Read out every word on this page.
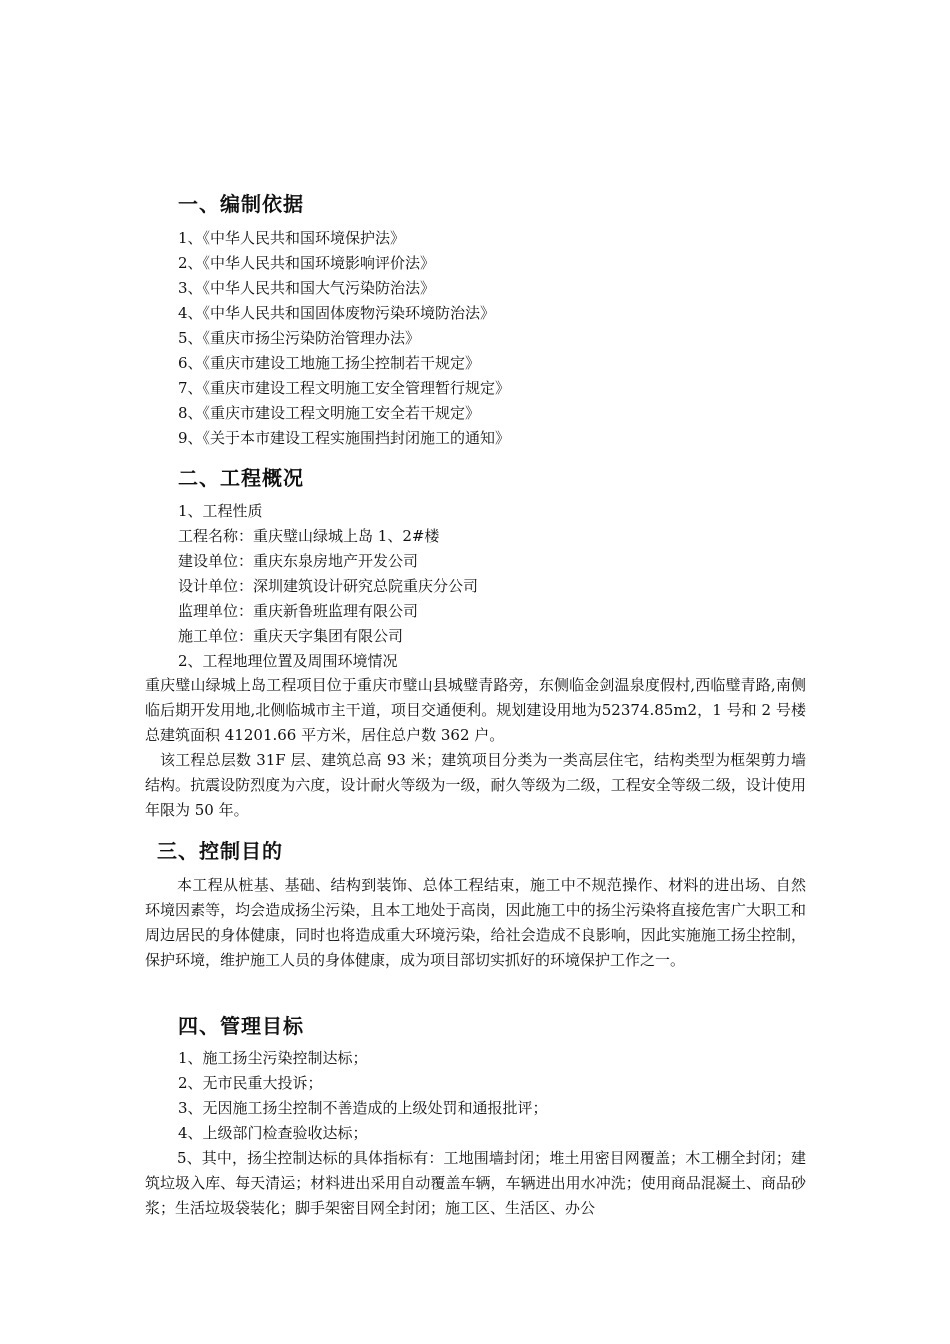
一、编制依据
1、《中华人民共和国环境保护法》
2、《中华人民共和国环境影响评价法》
3、《中华人民共和国大气污染防治法》
4、《中华人民共和国固体废物污染环境防治法》
5、《重庆市扬尘污染防治管理办法》
6、《重庆市建设工地施工扬尘控制若干规定》
7、《重庆市建设工程文明施工安全管理暂行规定》
8、《重庆市建设工程文明施工安全若干规定》
9、《关于本市建设工程实施围挡封闭施工的通知》
二、工程概况
1、工程性质
工程名称：重庆璧山绿城上岛 1、2#楼
建设单位：重庆东泉房地产开发公司
设计单位：深圳建筑设计研究总院重庆分公司
监理单位：重庆新鲁班监理有限公司
施工单位：重庆天字集团有限公司
2、工程地理位置及周围环境情况
重庆璧山绿城上岛工程项目位于重庆市璧山县城璧青路旁，东侧临金剑温泉度假村,西临璧青路,南侧临后期开发用地,北侧临城市主干道，项目交通便利。规划建设用地为52374.85m2，1 号和 2 号楼总建筑面积 41201.66 平方米，居住总户数 362 户。
该工程总层数 31F 层、建筑总高 93 米；建筑项目分类为一类高层住宅，结构类型为框架剪力墙结构。抗震设防烈度为六度，设计耐火等级为一级，耐久等级为二级，工程安全等级二级，设计使用年限为 50 年。
三、控制目的
本工程从桩基、基础、结构到装饰、总体工程结束，施工中不规范操作、材料的进出场、自然环境因素等，均会造成扬尘污染，且本工地处于高岗，因此施工中的扬尘污染将直接危害广大职工和周边居民的身体健康，同时也将造成重大环境污染，给社会造成不良影响，因此实施施工扬尘控制，保护环境，维护施工人员的身体健康，成为项目部切实抓好的环境保护工作之一。
四、管理目标
1、施工扬尘污染控制达标；
2、无市民重大投诉；
3、无因施工扬尘控制不善造成的上级处罚和通报批评；
4、上级部门检查验收达标；
5、其中，扬尘控制达标的具体指标有：工地围墙封闭；堆土用密目网覆盖；木工棚全封闭；建筑垃圾入库、每天清运；材料进出采用自动覆盖车辆，车辆进出用水冲洗；使用商品混凝土、商品砂浆；生活垃圾袋装化；脚手架密目网全封闭；施工区、生活区、办公
